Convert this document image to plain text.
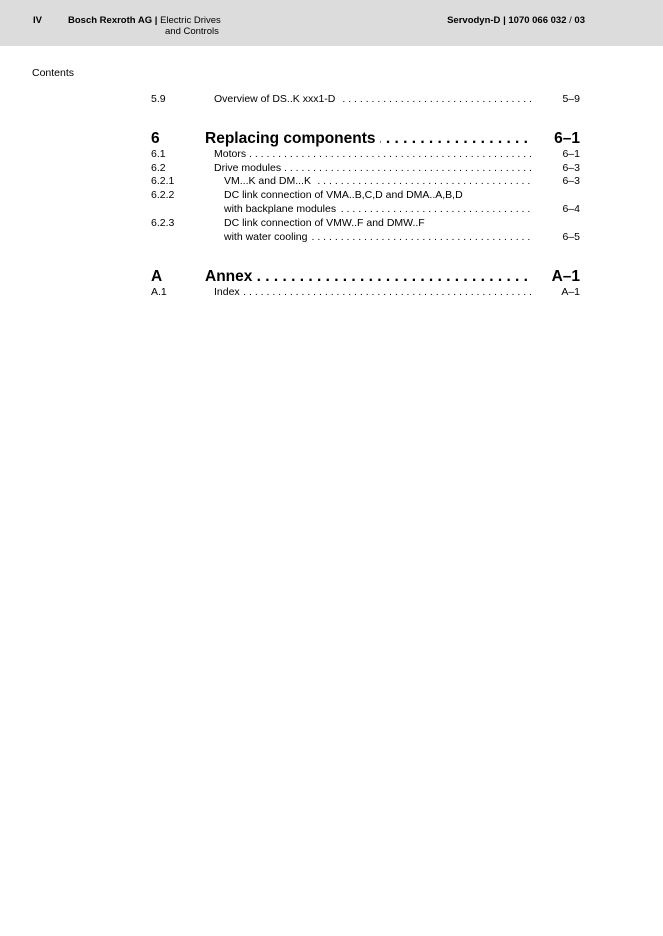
IV	Bosch Rexroth AG | Electric Drives
and Controls
Servodyn-D | 1070 066 032 / 03
Contents
5.9	Overview of DS..K xxx1-D . . .	5–9
6	Replacing components . . .	6–1
6.1	Motors . . .	6–1
6.2	Drive modules . . .	6–3
6.2.1	VM...K and DM...K . . .	6–3
6.2.2	DC link connection of VMA..B,C,D and DMA..A,B,D
with backplane modules . . .	6–4
6.2.3	DC link connection of VMW..F and DMW..F
with water cooling . . .	6–5
A	Annex . . .	A–1
A.1	Index . . .	A–1
